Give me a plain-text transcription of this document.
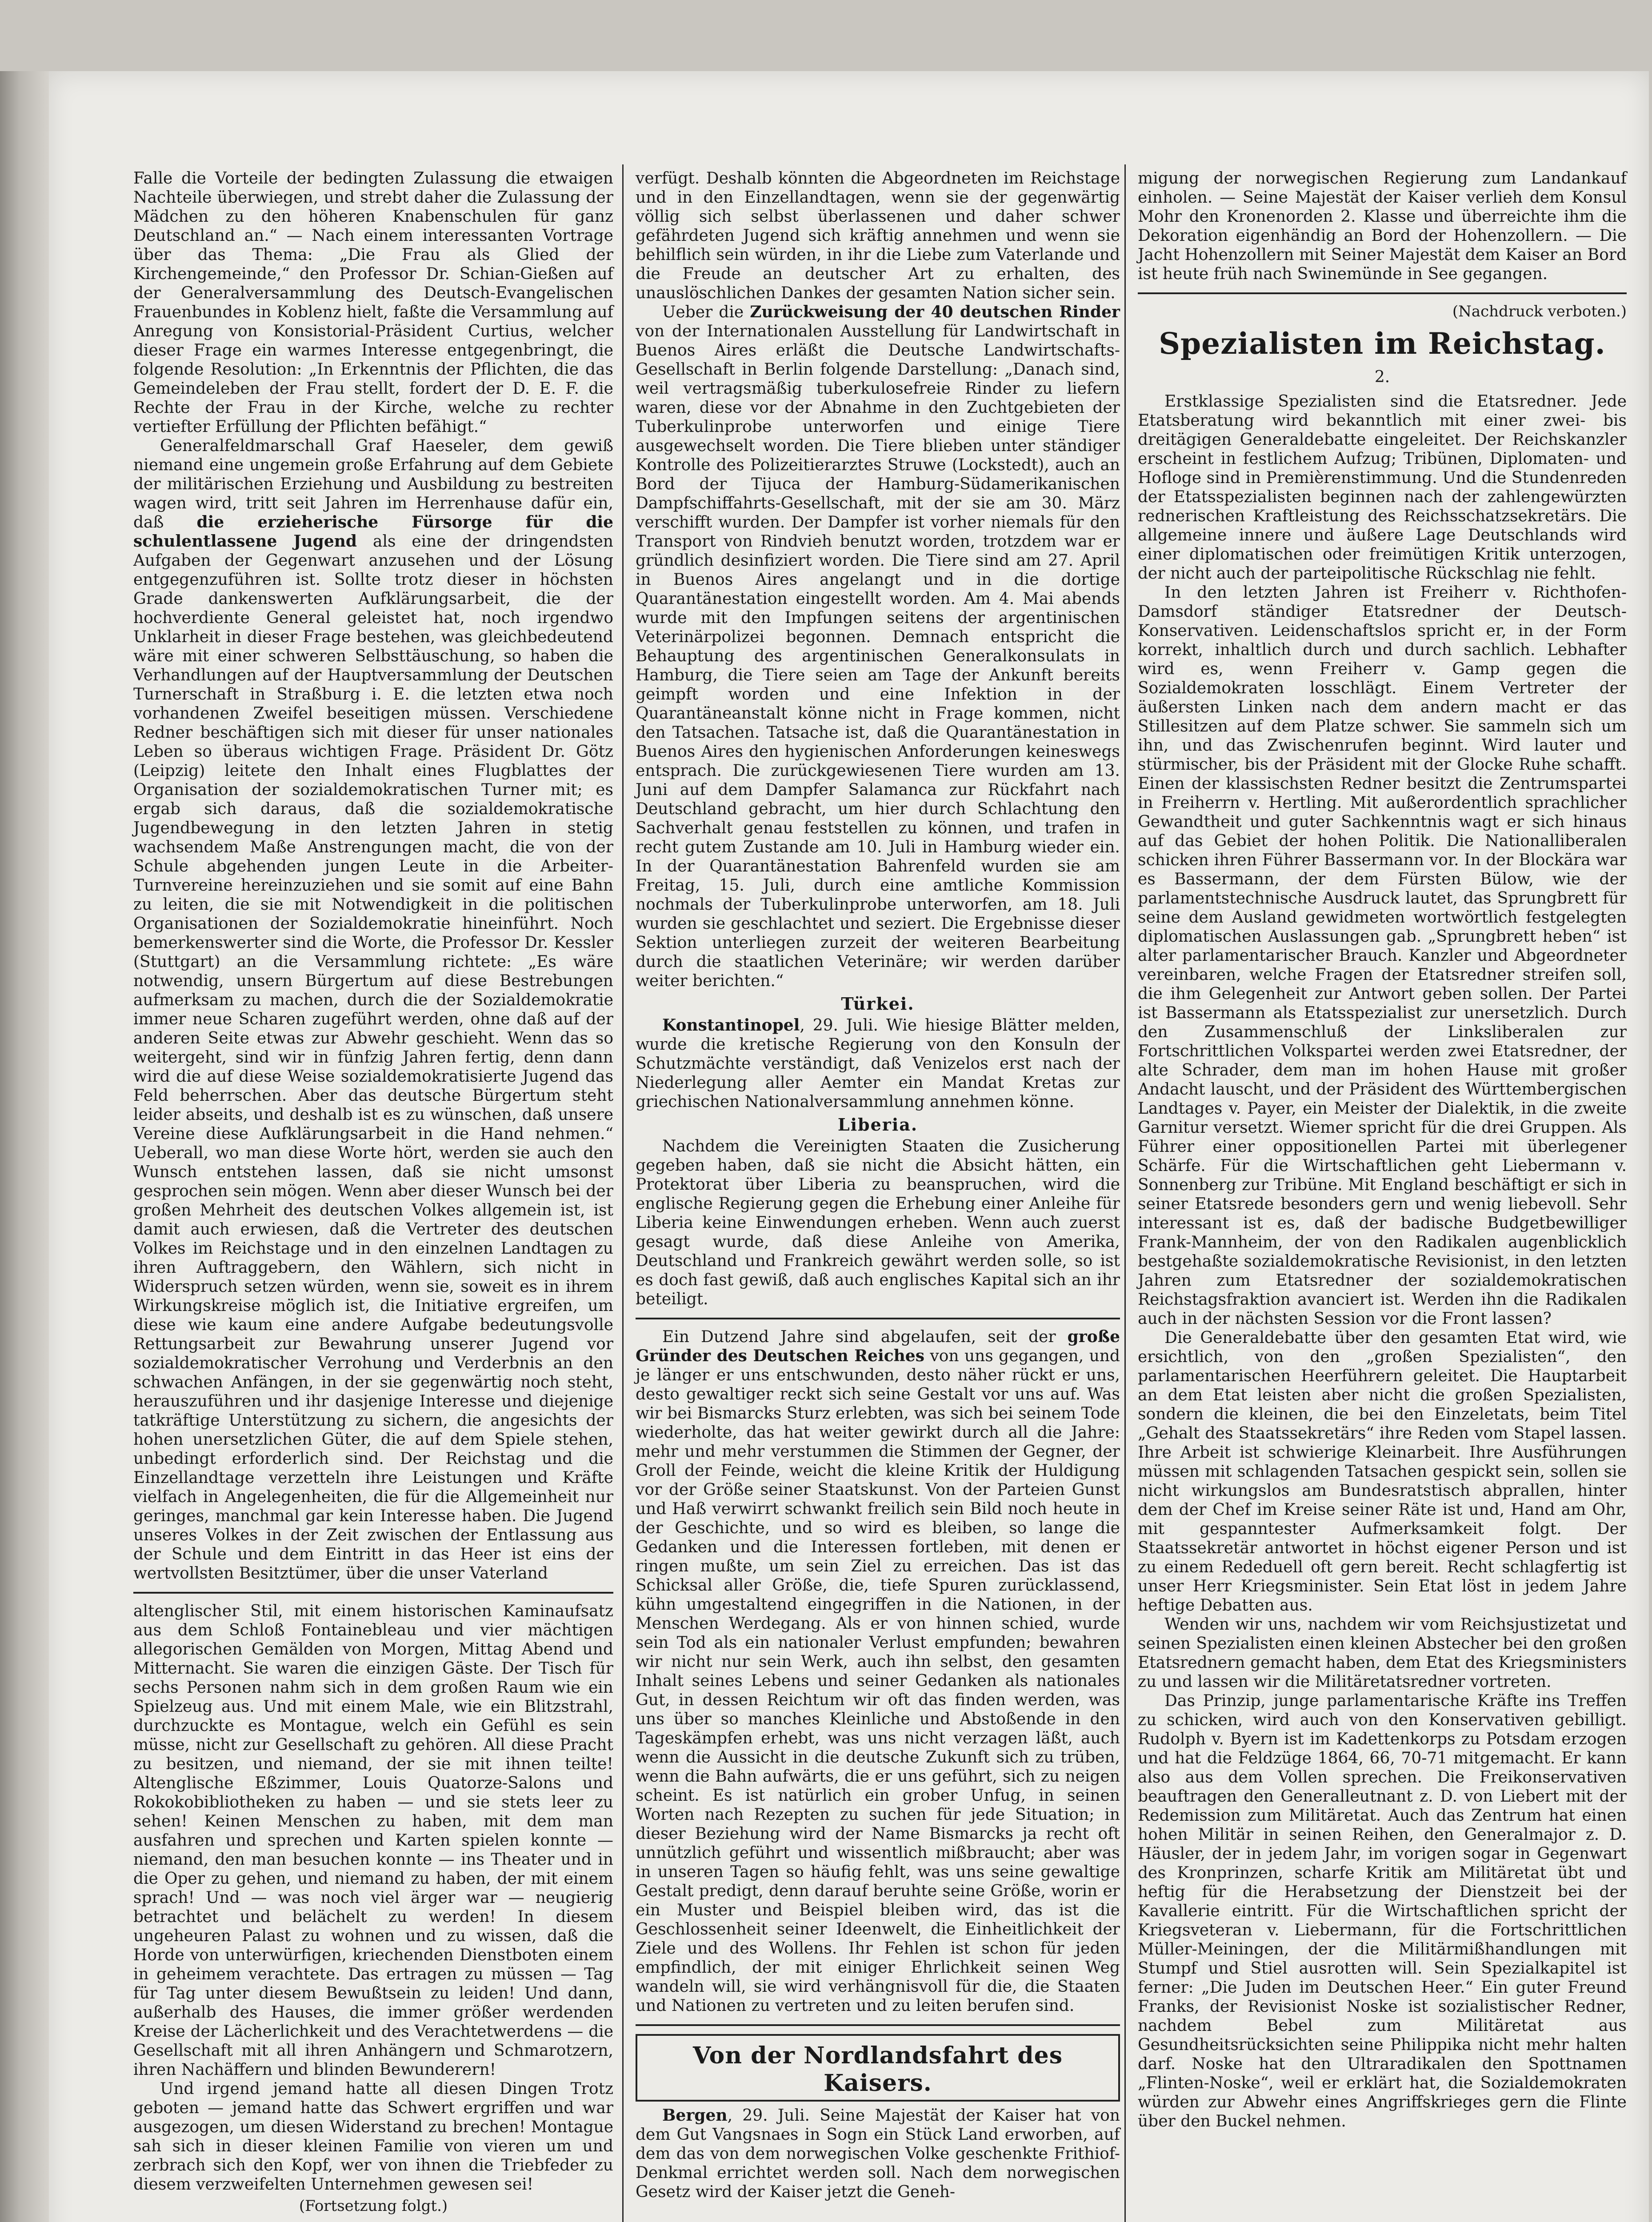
Falle die Vorteile der bedingten Zulassung die etwaigen Nachteile überwiegen, und strebt daher die Zulassung der Mädchen zu den höheren Knabenschulen für ganz Deutschland an.“ — Nach einem interessanten Vortrage über das Thema: „Die Frau als Glied der Kirchengemeinde,“ den Professor Dr. Schian-Gießen auf der Generalversammlung des Deutsch-Evangelischen Frauenbundes in Koblenz hielt, faßte die Versammlung auf Anregung von Konsistorial-Präsident Curtius, welcher dieser Frage ein warmes Interesse entgegenbringt, die folgende Resolution: „In Erkenntnis der Pflichten, die das Gemeindeleben der Frau stellt, fordert der D. E. F. die Rechte der Frau in der Kirche, welche zu rechter vertiefter Erfüllung der Pflichten befähigt.“

Generalfeldmarschall Graf Haeseler, dem gewiß niemand eine ungemein große Erfahrung auf dem Gebiete der militärischen Erziehung und Ausbildung zu bestreiten wagen wird, tritt seit Jahren im Herrenhause dafür ein, daß die erzieherische Fürsorge für die schulentlassene Jugend als eine der dringendsten Aufgaben der Gegenwart anzusehen und der Lösung entgegenzuführen ist. Sollte trotz dieser in höchsten Grade dankenswerten Aufklärungsarbeit, die der hochverdiente General geleistet hat, noch irgendwo Unklarheit in dieser Frage bestehen, was gleichbedeutend wäre mit einer schweren Selbsttäuschung, so haben die Verhandlungen auf der Hauptversammlung der Deutschen Turnerschaft in Straßburg i. E. die letzten etwa noch vorhandenen Zweifel beseitigen müssen. Verschiedene Redner beschäftigen sich mit dieser für unser nationales Leben so überaus wichtigen Frage. Präsident Dr. Götz (Leipzig) leitete den Inhalt eines Flugblattes der Organisation der sozialdemokratischen Turner mit; es ergab sich daraus, daß die sozialdemokratische Jugendbewegung in den letzten Jahren in stetig wachsendem Maße Anstrengungen macht, die von der Schule abgehenden jungen Leute in die Arbeiter-Turnvereine hereinzuziehen und sie somit auf eine Bahn zu leiten, die sie mit Notwendigkeit in die politischen Organisationen der Sozialdemokratie hineinführt. Noch bemerkenswerter sind die Worte, die Professor Dr. Kessler (Stuttgart) an die Versammlung richtete: „Es wäre notwendig, unsern Bürgertum auf diese Bestrebungen aufmerksam zu machen, durch die der Sozialdemokratie immer neue Scharen zugeführt werden, ohne daß auf der anderen Seite etwas zur Abwehr geschieht. Wenn das so weitergeht, sind wir in fünfzig Jahren fertig, denn dann wird die auf diese Weise sozialdemokratisierte Jugend das Feld beherrschen. Aber das deutsche Bürgertum steht leider abseits, und deshalb ist es zu wünschen, daß unsere Vereine diese Aufklärungsarbeit in die Hand nehmen.“ Ueberall, wo man diese Worte hört, werden sie auch den Wunsch entstehen lassen, daß sie nicht umsonst gesprochen sein mögen. Wenn aber dieser Wunsch bei der großen Mehrheit des deutschen Volkes allgemein ist, ist damit auch erwiesen, daß die Vertreter des deutschen Volkes im Reichstage und in den einzelnen Landtagen zu ihren Auftraggebern, den Wählern, sich nicht in Widerspruch setzen würden, wenn sie, soweit es in ihrem Wirkungskreise möglich ist, die Initiative ergreifen, um diese wie kaum eine andere Aufgabe bedeutungsvolle Rettungsarbeit zur Bewahrung unserer Jugend vor sozialdemokratischer Verrohung und Verderbnis an den schwachen Anfängen, in der sie gegenwärtig noch steht, herauszuführen und ihr dasjenige Interesse und diejenige tatkräftige Unterstützung zu sichern, die angesichts der hohen unersetzlichen Güter, die auf dem Spiele stehen, unbedingt erforderlich sind. Der Reichstag und die Einzellandtage verzetteln ihre Leistungen und Kräfte vielfach in Angelegenheiten, die für die Allgemeinheit nur geringes, manchmal gar kein Interesse haben. Die Jugend unseres Volkes in der Zeit zwischen der Entlassung aus der Schule und dem Eintritt in das Heer ist eins der wertvollsten Besitztümer, über die unser Vaterland

altenglischer Stil, mit einem historischen Kaminaufsatz aus dem Schloß Fontainebleau und vier mächtigen allegorischen Gemälden von Morgen, Mittag Abend und Mitternacht. Sie waren die einzigen Gäste. Der Tisch für sechs Personen nahm sich in dem großen Raum wie ein Spielzeug aus. Und mit einem Male, wie ein Blitzstrahl, durchzuckte es Montague, welch ein Gefühl es sein müsse, nicht zur Gesellschaft zu gehören. All diese Pracht zu besitzen, und niemand, der sie mit ihnen teilte! Altenglische Eßzimmer, Louis Quatorze-Salons und Rokokobibliotheken zu haben — und sie stets leer zu sehen! Keinen Menschen zu haben, mit dem man ausfahren und sprechen und Karten spielen konnte — niemand, den man besuchen konnte — ins Theater und in die Oper zu gehen, und niemand zu haben, der mit einem sprach! Und — was noch viel ärger war — neugierig betrachtet und belächelt zu werden! In diesem ungeheuren Palast zu wohnen und zu wissen, daß die Horde von unterwürfigen, kriechenden Dienstboten einem in geheimem verachtete. Das ertragen zu müssen — Tag für Tag unter diesem Bewußtsein zu leiden! Und dann, außerhalb des Hauses, die immer größer werdenden Kreise der Lächerlichkeit und des Verachtetwerdens — die Gesellschaft mit all ihren Anhängern und Schmarotzern, ihren Nachäffern und blinden Bewunderern!

Und irgend jemand hatte all diesen Dingen Trotz geboten — jemand hatte das Schwert ergriffen und war ausgezogen, um diesen Widerstand zu brechen! Montague sah sich in dieser kleinen Familie von vieren um und zerbrach sich den Kopf, wer von ihnen die Triebfeder zu diesem verzweifelten Unternehmen gewesen sei!

(Fortsetzung folgt.)

verfügt. Deshalb könnten die Abgeordneten im Reichstage und in den Einzellandtagen, wenn sie der gegenwärtig völlig sich selbst überlassenen und daher schwer gefährdeten Jugend sich kräftig annehmen und wenn sie behilflich sein würden, in ihr die Liebe zum Vaterlande und die Freude an deutscher Art zu erhalten, des unauslöschlichen Dankes der gesamten Nation sicher sein.

Ueber die Zurückweisung der 40 deutschen Rinder von der Internationalen Ausstellung für Landwirtschaft in Buenos Aires erläßt die Deutsche Landwirtschafts-Gesellschaft in Berlin folgende Darstellung: „Danach sind, weil vertragsmäßig tuberkulosefreie Rinder zu liefern waren, diese vor der Abnahme in den Zuchtgebieten der Tuberkulinprobe unterworfen und einige Tiere ausgewechselt worden. Die Tiere blieben unter ständiger Kontrolle des Polizeitierarztes Struwe (Lockstedt), auch an Bord der Tijuca der Hamburg-Südamerikanischen Dampfschiffahrts-Gesellschaft, mit der sie am 30. März verschifft wurden. Der Dampfer ist vorher niemals für den Transport von Rindvieh benutzt worden, trotzdem war er gründlich desinfiziert worden. Die Tiere sind am 27. April in Buenos Aires angelangt und in die dortige Quarantänestation eingestellt worden. Am 4. Mai abends wurde mit den Impfungen seitens der argentinischen Veterinärpolizei begonnen. Demnach entspricht die Behauptung des argentinischen Generalkonsulats in Hamburg, die Tiere seien am Tage der Ankunft bereits geimpft worden und eine Infektion in der Quarantäneanstalt könne nicht in Frage kommen, nicht den Tatsachen. Tatsache ist, daß die Quarantänestation in Buenos Aires den hygienischen Anforderungen keineswegs entsprach. Die zurückgewiesenen Tiere wurden am 13. Juni auf dem Dampfer Salamanca zur Rückfahrt nach Deutschland gebracht, um hier durch Schlachtung den Sachverhalt genau feststellen zu können, und trafen in recht gutem Zustande am 10. Juli in Hamburg wieder ein. In der Quarantänestation Bahrenfeld wurden sie am Freitag, 15. Juli, durch eine amtliche Kommission nochmals der Tuberkulinprobe unterworfen, am 18. Juli wurden sie geschlachtet und seziert. Die Ergebnisse dieser Sektion unterliegen zurzeit der weiteren Bearbeitung durch die staatlichen Veterinäre; wir werden darüber weiter berichten.“

Türkei.

Konstantinopel, 29. Juli. Wie hiesige Blätter melden, wurde die kretische Regierung von den Konsuln der Schutzmächte verständigt, daß Venizelos erst nach der Niederlegung aller Aemter ein Mandat Kretas zur griechischen Nationalversammlung annehmen könne.

Liberia.

Nachdem die Vereinigten Staaten die Zusicherung gegeben haben, daß sie nicht die Absicht hätten, ein Protektorat über Liberia zu beanspruchen, wird die englische Regierung gegen die Erhebung einer Anleihe für Liberia keine Einwendungen erheben. Wenn auch zuerst gesagt wurde, daß diese Anleihe von Amerika, Deutschland und Frankreich gewährt werden solle, so ist es doch fast gewiß, daß auch englisches Kapital sich an ihr beteiligt.

Ein Dutzend Jahre sind abgelaufen, seit der große Gründer des Deutschen Reiches von uns gegangen, und je länger er uns entschwunden, desto näher rückt er uns, desto gewaltiger reckt sich seine Gestalt vor uns auf. Was wir bei Bismarcks Sturz erlebten, was sich bei seinem Tode wiederholte, das hat weiter gewirkt durch all die Jahre: mehr und mehr verstummen die Stimmen der Gegner, der Groll der Feinde, weicht die kleine Kritik der Huldigung vor der Größe seiner Staatskunst. Von der Parteien Gunst und Haß verwirrt schwankt freilich sein Bild noch heute in der Geschichte, und so wird es bleiben, so lange die Gedanken und die Interessen fortleben, mit denen er ringen mußte, um sein Ziel zu erreichen. Das ist das Schicksal aller Größe, die, tiefe Spuren zurücklassend, kühn umgestaltend eingegriffen in die Nationen, in der Menschen Werdegang. Als er von hinnen schied, wurde sein Tod als ein nationaler Verlust empfunden; bewahren wir nicht nur sein Werk, auch ihn selbst, den gesamten Inhalt seines Lebens und seiner Gedanken als nationales Gut, in dessen Reichtum wir oft das finden werden, was uns über so manches Kleinliche und Abstoßende in den Tageskämpfen erhebt, was uns nicht verzagen läßt, auch wenn die Aussicht in die deutsche Zukunft sich zu trüben, wenn die Bahn aufwärts, die er uns geführt, sich zu neigen scheint. Es ist natürlich ein grober Unfug, in seinen Worten nach Rezepten zu suchen für jede Situation; in dieser Beziehung wird der Name Bismarcks ja recht oft unnützlich geführt und wissentlich mißbraucht; aber was in unseren Tagen so häufig fehlt, was uns seine gewaltige Gestalt predigt, denn darauf beruhte seine Größe, worin er ein Muster und Beispiel bleiben wird, das ist die Geschlossenheit seiner Ideenwelt, die Einheitlichkeit der Ziele und des Wollens. Ihr Fehlen ist schon für jeden empfindlich, der mit einiger Ehrlichkeit seinen Weg wandeln will, sie wird verhängnisvoll für die, die Staaten und Nationen zu vertreten und zu leiten berufen sind.

Von der Nordlandsfahrt des Kaisers.

Bergen, 29. Juli. Seine Majestät der Kaiser hat von dem Gut Vangsnaes in Sogn ein Stück Land erworben, auf dem das von dem norwegischen Volke geschenkte Frithiof-Denkmal errichtet werden soll. Nach dem norwegischen Gesetz wird der Kaiser jetzt die Geneh-

migung der norwegischen Regierung zum Landankauf einholen. — Seine Majestät der Kaiser verlieh dem Konsul Mohr den Kronenorden 2. Klasse und überreichte ihm die Dekoration eigenhändig an Bord der Hohenzollern. — Die Jacht Hohenzollern mit Seiner Majestät dem Kaiser an Bord ist heute früh nach Swinemünde in See gegangen.

(Nachdruck verboten.)
Spezialisten im Reichstag.
2.

Erstklassige Spezialisten sind die Etatsredner. Jede Etatsberatung wird bekanntlich mit einer zwei- bis dreitägigen Generaldebatte eingeleitet. Der Reichskanzler erscheint in festlichem Aufzug; Tribünen, Diplomaten- und Hofloge sind in Premièrenstimmung. Und die Stundenreden der Etatsspezialisten beginnen nach der zahlengewürzten rednerischen Kraftleistung des Reichsschatzsekretärs. Die allgemeine innere und äußere Lage Deutschlands wird einer diplomatischen oder freimütigen Kritik unterzogen, der nicht auch der parteipolitische Rückschlag nie fehlt.

In den letzten Jahren ist Freiherr v. Richthofen-Damsdorf ständiger Etatsredner der Deutsch-Konservativen. Leidenschaftslos spricht er, in der Form korrekt, inhaltlich durch und durch sachlich. Lebhafter wird es, wenn Freiherr v. Gamp gegen die Sozialdemokraten losschlägt. Einem Vertreter der äußersten Linken nach dem andern macht er das Stillesitzen auf dem Platze schwer. Sie sammeln sich um ihn, und das Zwischenrufen beginnt. Wird lauter und stürmischer, bis der Präsident mit der Glocke Ruhe schafft. Einen der klassischsten Redner besitzt die Zentrumspartei in Freiherrn v. Hertling. Mit außerordentlich sprachlicher Gewandtheit und guter Sachkenntnis wagt er sich hinaus auf das Gebiet der hohen Politik. Die Nationalliberalen schicken ihren Führer Bassermann vor. In der Blockära war es Bassermann, der dem Fürsten Bülow, wie der parlamentstechnische Ausdruck lautet, das Sprungbrett für seine dem Ausland gewidmeten wortwörtlich festgelegten diplomatischen Auslassungen gab. „Sprungbrett heben“ ist alter parlamentarischer Brauch. Kanzler und Abgeordneter vereinbaren, welche Fragen der Etatsredner streifen soll, die ihm Gelegenheit zur Antwort geben sollen. Der Partei ist Bassermann als Etatsspezialist zur unersetzlich. Durch den Zusammenschluß der Linksliberalen zur Fortschrittlichen Volkspartei werden zwei Etatsredner, der alte Schrader, dem man im hohen Hause mit großer Andacht lauscht, und der Präsident des Württembergischen Landtages v. Payer, ein Meister der Dialektik, in die zweite Garnitur versetzt. Wiemer spricht für die drei Gruppen. Als Führer einer oppositionellen Partei mit überlegener Schärfe. Für die Wirtschaftlichen geht Liebermann v. Sonnenberg zur Tribüne. Mit England beschäftigt er sich in seiner Etatsrede besonders gern und wenig liebevoll. Sehr interessant ist es, daß der badische Budgetbewilliger Frank-Mannheim, der von den Radikalen augenblicklich bestgehaßte sozialdemokratische Revisionist, in den letzten Jahren zum Etatsredner der sozialdemokratischen Reichstagsfraktion avanciert ist. Werden ihn die Radikalen auch in der nächsten Session vor die Front lassen?

Die Generaldebatte über den gesamten Etat wird, wie ersichtlich, von den „großen Spezialisten“, den parlamentarischen Heerführern geleitet. Die Hauptarbeit an dem Etat leisten aber nicht die großen Spezialisten, sondern die kleinen, die bei den Einzeletats, beim Titel „Gehalt des Staatssekretärs“ ihre Reden vom Stapel lassen. Ihre Arbeit ist schwierige Kleinarbeit. Ihre Ausführungen müssen mit schlagenden Tatsachen gespickt sein, sollen sie nicht wirkungslos am Bundesratstisch abprallen, hinter dem der Chef im Kreise seiner Räte ist und, Hand am Ohr, mit gespanntester Aufmerksamkeit folgt. Der Staatssekretär antwortet in höchst eigener Person und ist zu einem Rededuell oft gern bereit. Recht schlagfertig ist unser Herr Kriegsminister. Sein Etat löst in jedem Jahre heftige Debatten aus.

Wenden wir uns, nachdem wir vom Reichsjustizetat und seinen Spezialisten einen kleinen Abstecher bei den großen Etatsrednern gemacht haben, dem Etat des Kriegsministers zu und lassen wir die Militäretatsredner vortreten.

Das Prinzip, junge parlamentarische Kräfte ins Treffen zu schicken, wird auch von den Konservativen gebilligt. Rudolph v. Byern ist im Kadettenkorps zu Potsdam erzogen und hat die Feldzüge 1864, 66, 70-71 mitgemacht. Er kann also aus dem Vollen sprechen. Die Freikonservativen beauftragen den Generalleutnant z. D. von Liebert mit der Redemission zum Militäretat. Auch das Zentrum hat einen hohen Militär in seinen Reihen, den Generalmajor z. D. Häusler, der in jedem Jahr, im vorigen sogar in Gegenwart des Kronprinzen, scharfe Kritik am Militäretat übt und heftig für die Herabsetzung der Dienstzeit bei der Kavallerie eintritt. Für die Wirtschaftlichen spricht der Kriegsveteran v. Liebermann, für die Fortschrittlichen Müller-Meiningen, der die Militärmißhandlungen mit Stumpf und Stiel ausrotten will. Sein Spezialkapitel ist ferner: „Die Juden im Deutschen Heer.“ Ein guter Freund Franks, der Revisionist Noske ist sozialistischer Redner, nachdem Bebel zum Militäretat aus Gesundheitsrücksichten seine Philippika nicht mehr halten darf. Noske hat den Ultraradikalen den Spottnamen „Flinten-Noske“, weil er erklärt hat, die Sozialdemokraten würden zur Abwehr eines Angriffskrieges gern die Flinte über den Buckel nehmen.
